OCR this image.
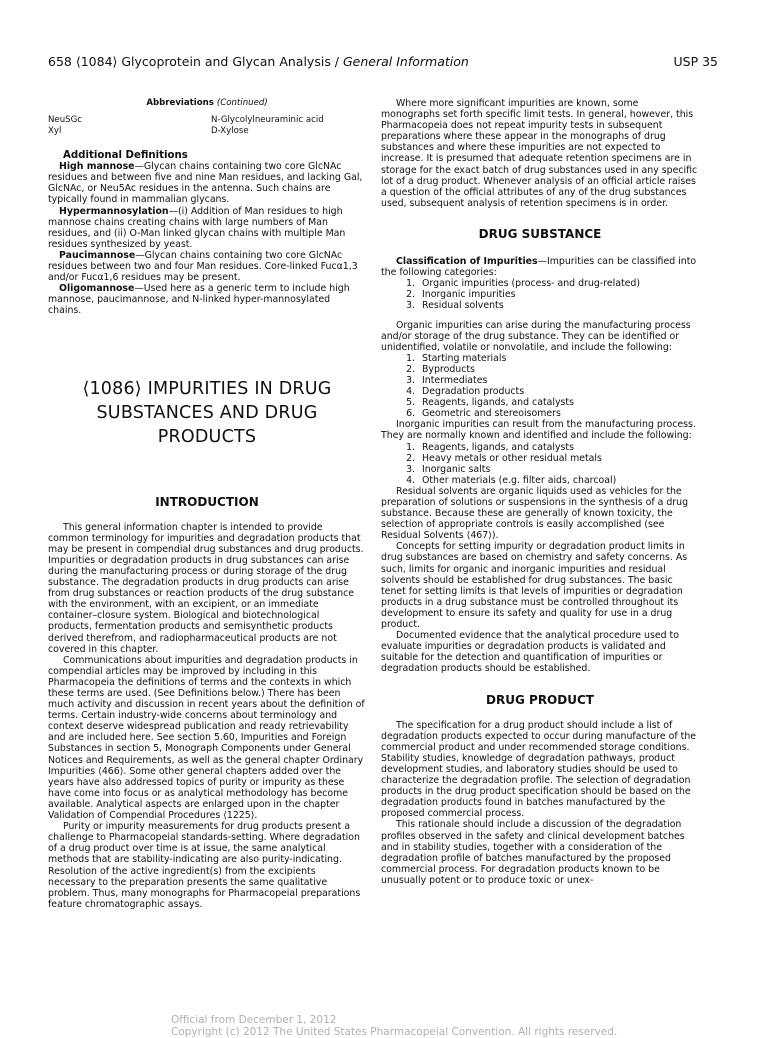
658 ⟨1084⟩ Glycoprotein and Glycan Analysis / General Information	USP 35
Abbreviations (Continued)
NeuSGc	N-Glycolylneuraminic acid
Xyl	D-Xylose
Additional Definitions

High mannose—Glycan chains containing two core GlcNAc residues and between five and nine Man residues, and lacking Gal, GlcNAc, or Neu5Ac residues in the antenna. Such chains are typically found in mammalian glycans.

Hypermannosylation—(i) Addition of Man residues to high mannose chains creating chains with large numbers of Man residues, and (ii) O-Man linked glycan chains with multiple Man residues synthesized by yeast.

Paucimannose—Glycan chains containing two core GlcNAc residues between two and four Man residues. Core-linked Fucα1,3 and/or Fucα1,6 residues may be present.

Oligomannose—Used here as a generic term to include high mannose, paucimannose, and N-linked hyper-mannosylated chains.

⟨1086⟩ IMPURITIES IN DRUG SUBSTANCES AND DRUG PRODUCTS
INTRODUCTION

This general information chapter is intended to provide common terminology for impurities and degradation products that may be present in compendial drug substances and drug products. Impurities or degradation products in drug substances can arise during the manufacturing process or during storage of the drug substance. The degradation products in drug products can arise from drug substances or reaction products of the drug substance with the environment, with an excipient, or an immediate container–closure system. Biological and biotechnological products, fermentation products and semisynthetic products derived therefrom, and radiopharmaceutical products are not covered in this chapter.

Communications about impurities and degradation products in compendial articles may be improved by including in this Pharmacopeia the definitions of terms and the contexts in which these terms are used. (See Definitions below.) There has been much activity and discussion in recent years about the definition of terms. Certain industry-wide concerns about terminology and context deserve widespread publication and ready retrievability and are included here. See section 5.60, Impurities and Foreign Substances in section 5, Monograph Components under General Notices and Requirements, as well as the general chapter Ordinary Impurities ⟨466⟩. Some other general chapters added over the years have also addressed topics of purity or impurity as these have come into focus or as analytical methodology has become available. Analytical aspects are enlarged upon in the chapter Validation of Compendial Procedures ⟨1225⟩.

Purity or impurity measurements for drug products present a challenge to Pharmacopeial standards-setting. Where degradation of a drug product over time is at issue, the same analytical methods that are stability-indicating are also purity-indicating. Resolution of the active ingredient(s) from the excipients necessary to the preparation presents the same qualitative problem. Thus, many monographs for Pharmacopeial preparations feature chromatographic assays.

Where more significant impurities are known, some monographs set forth specific limit tests. In general, however, this Pharmacopeia does not repeat impurity tests in subsequent preparations where these appear in the monographs of drug substances and where these impurities are not expected to increase. It is presumed that adequate retention specimens are in storage for the exact batch of drug substances used in any specific lot of a drug product. Whenever analysis of an official article raises a question of the official attributes of any of the drug substances used, subsequent analysis of retention specimens is in order.

DRUG SUBSTANCE

Classification of Impurities—Impurities can be classified into the following categories:

1. Organic impurities (process- and drug-related)
2. Inorganic impurities
3. Residual solvents

Organic impurities can arise during the manufacturing process and/or storage of the drug substance. They can be identified or unidentified, volatile or nonvolatile, and include the following:

1. Starting materials
2. Byproducts
3. Intermediates
4. Degradation products
5. Reagents, ligands, and catalysts
6. Geometric and stereoisomers

Inorganic impurities can result from the manufacturing process. They are normally known and identified and include the following:

1. Reagents, ligands, and catalysts
2. Heavy metals or other residual metals
3. Inorganic salts
4. Other materials (e.g. filter aids, charcoal)

Residual solvents are organic liquids used as vehicles for the preparation of solutions or suspensions in the synthesis of a drug substance. Because these are generally of known toxicity, the selection of appropriate controls is easily accomplished (see Residual Solvents ⟨467⟩).

Concepts for setting impurity or degradation product limits in drug substances are based on chemistry and safety concerns. As such, limits for organic and inorganic impurities and residual solvents should be established for drug substances. The basic tenet for setting limits is that levels of impurities or degradation products in a drug substance must be controlled throughout its development to ensure its safety and quality for use in a drug product.

Documented evidence that the analytical procedure used to evaluate impurities or degradation products is validated and suitable for the detection and quantification of impurities or degradation products should be established.

DRUG PRODUCT

The specification for a drug product should include a list of degradation products expected to occur during manufacture of the commercial product and under recommended storage conditions. Stability studies, knowledge of degradation pathways, product development studies, and laboratory studies should be used to characterize the degradation profile. The selection of degradation products in the drug product specification should be based on the degradation products found in batches manufactured by the proposed commercial process.

This rationale should include a discussion of the degradation profiles observed in the safety and clinical development batches and in stability studies, together with a consideration of the degradation profile of batches manufactured by the proposed commercial process. For degradation products known to be unusually potent or to produce toxic or unex-

Official from December 1, 2012
Copyright (c) 2012 The United States Pharmacopeial Convention. All rights reserved.
